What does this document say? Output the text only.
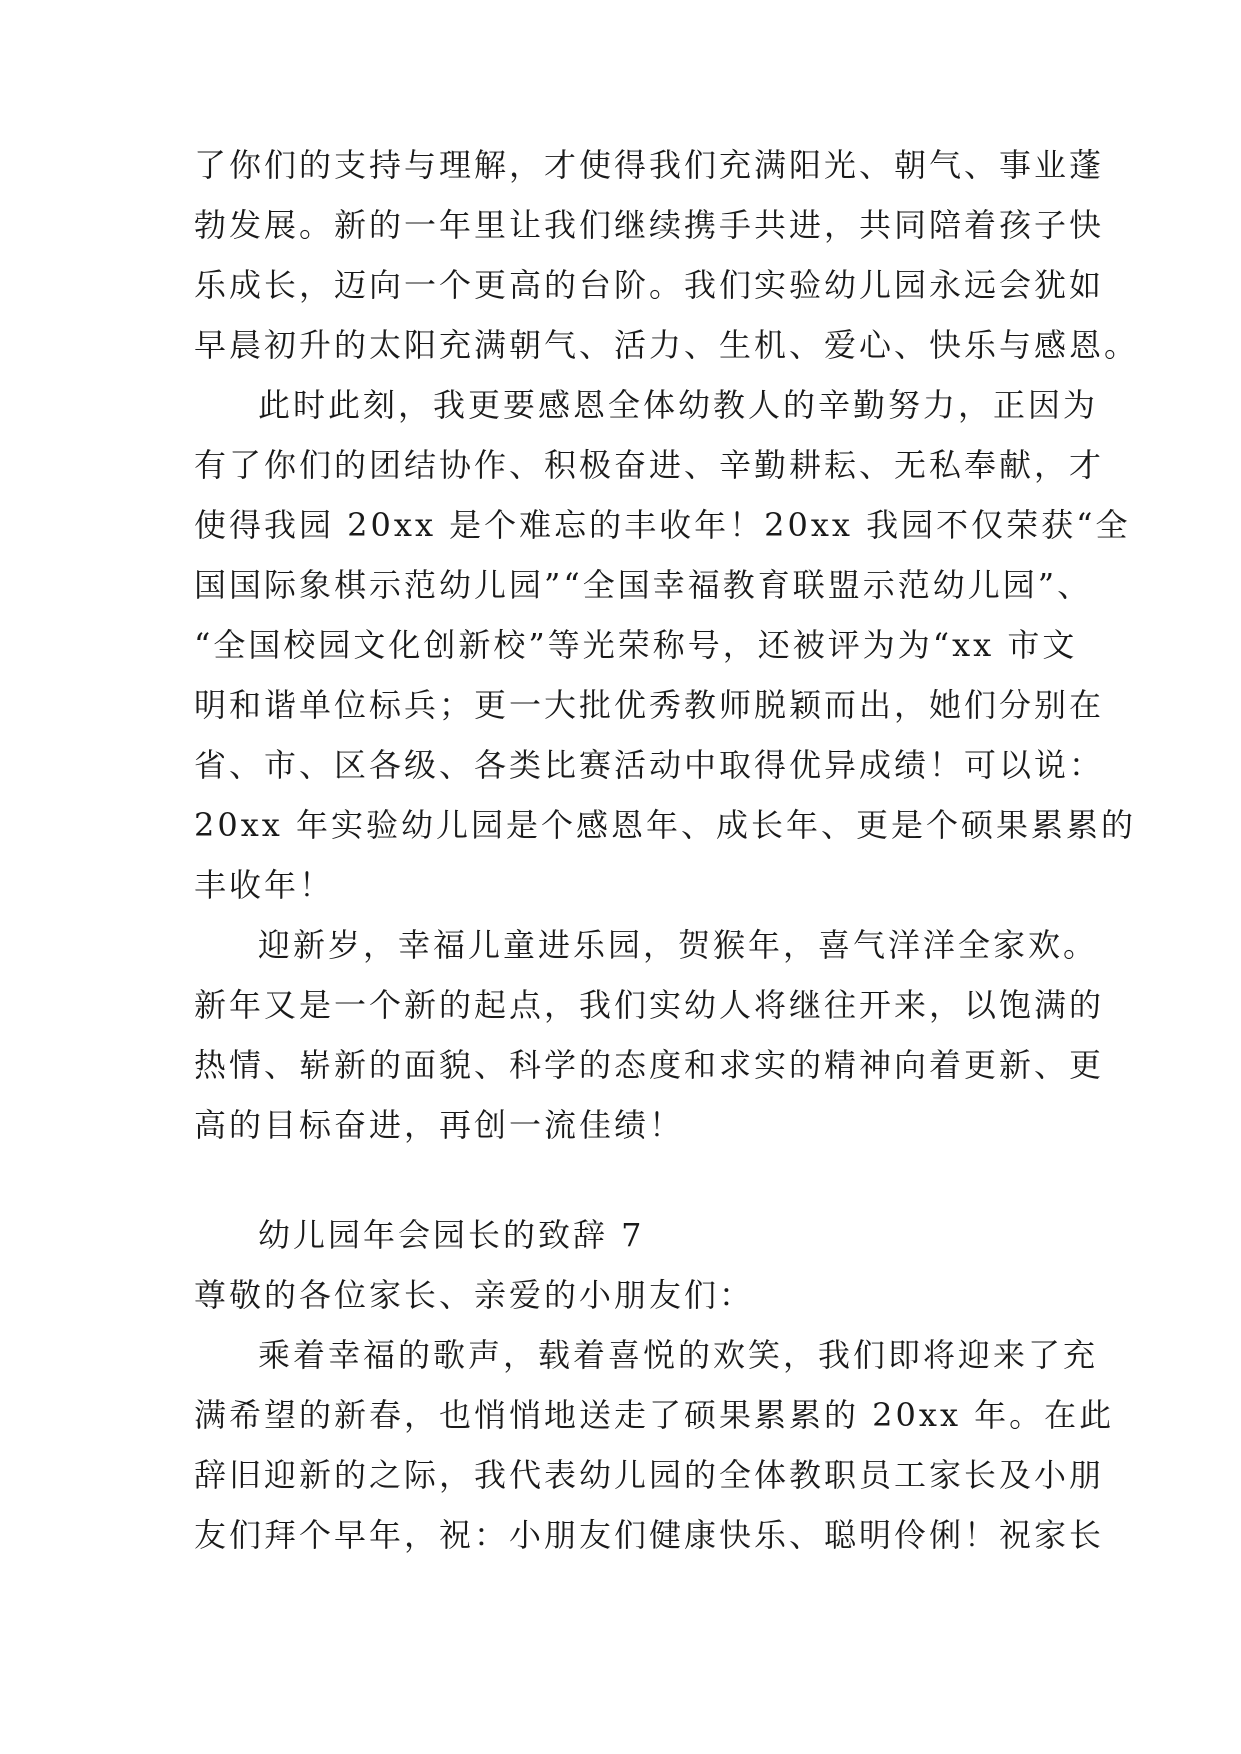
了你们的支持与理解，才使得我们充满阳光、朝气、事业蓬
勃发展。新的一年里让我们继续携手共进，共同陪着孩子快
乐成长，迈向一个更高的台阶。我们实验幼儿园永远会犹如
早晨初升的太阳充满朝气、活力、生机、爱心、快乐与感恩。
此时此刻，我更要感恩全体幼教人的辛勤努力，正因为
有了你们的团结协作、积极奋进、辛勤耕耘、无私奉献，才
使得我园 20xx 是个难忘的丰收年！20xx 我园不仅荣获“全
国国际象棋示范幼儿园”“全国幸福教育联盟示范幼儿园”、
“全国校园文化创新校”等光荣称号，还被评为为“xx 市文
明和谐单位标兵；更一大批优秀教师脱颖而出，她们分别在
省、市、区各级、各类比赛活动中取得优异成绩！可以说：
20xx 年实验幼儿园是个感恩年、成长年、更是个硕果累累的
丰收年！
迎新岁，幸福儿童进乐园，贺猴年，喜气洋洋全家欢。
新年又是一个新的起点，我们实幼人将继往开来，以饱满的
热情、崭新的面貌、科学的态度和求实的精神向着更新、更
高的目标奋进，再创一流佳绩！
幼儿园年会园长的致辞 7
尊敬的各位家长、亲爱的小朋友们：
乘着幸福的歌声，载着喜悦的欢笑，我们即将迎来了充
满希望的新春，也悄悄地送走了硕果累累的 20xx 年。在此
辞旧迎新的之际，我代表幼儿园的全体教职员工家长及小朋
友们拜个早年，祝：小朋友们健康快乐、聪明伶俐！祝家长
